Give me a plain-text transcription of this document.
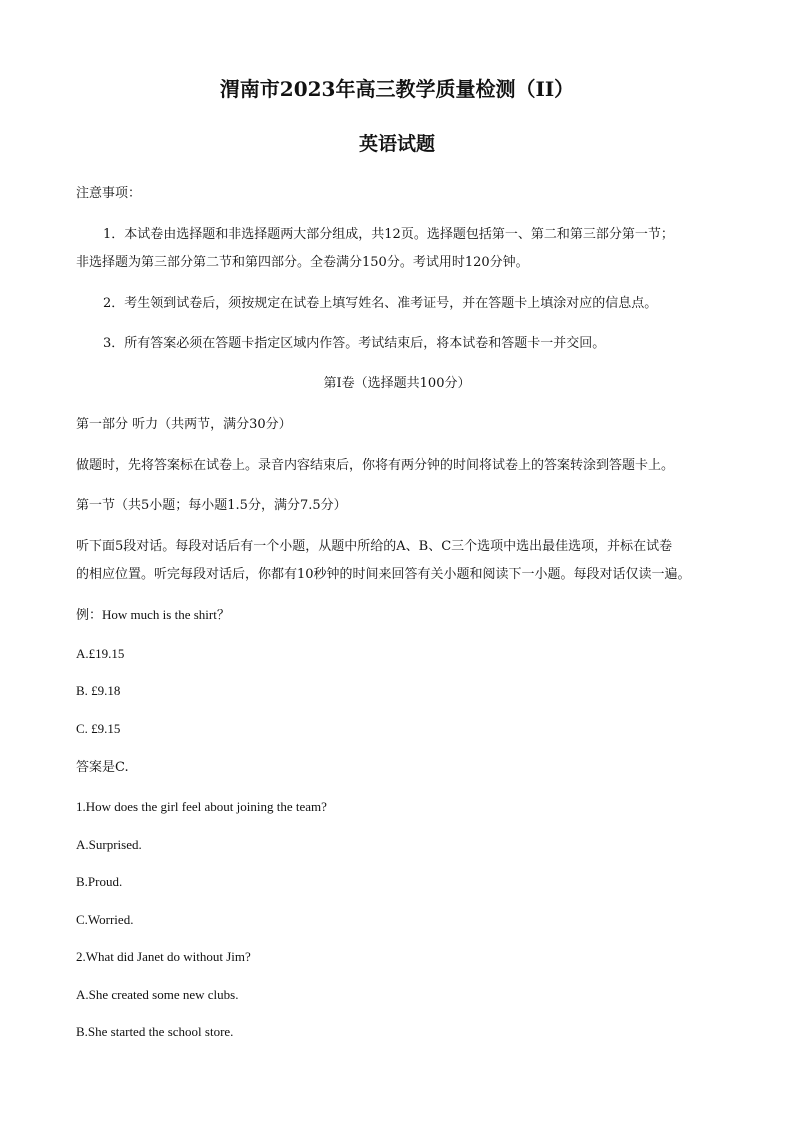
渭南市2023年高三教学质量检测（II）
英语试题
注意事项：
1．本试卷由选择题和非选择题两大部分组成，共12页。选择题包括第一、第二和第三部分第一节；
非选择题为第三部分第二节和第四部分。全卷满分150分。考试用时120分钟。
2．考生领到试卷后，须按规定在试卷上填写姓名、准考证号，并在答题卡上填涂对应的信息点。
3．所有答案必须在答题卡指定区域内作答。考试结束后，将本试卷和答题卡一并交回。
第Ⅰ卷（选择题共100分）
第一部分 听力（共两节，满分30分）
做题时，先将答案标在试卷上。录音内容结束后，你将有两分钟的时间将试卷上的答案转涂到答题卡上。
第一节（共5小题；每小题1.5分，满分7.5分）
听下面5段对话。每段对话后有一个小题，从题中所给的A、B、C三个选项中选出最佳选项，并标在试卷
的相应位置。听完每段对话后，你都有10秒钟的时间来回答有关小题和阅读下一小题。每段对话仅读一遍。
例：How much is the shirt？
A.£19.15
B. £9.18
C. £9.15
答案是C.
1.How does the girl feel about joining the team?
A.Surprised.
B.Proud.
C.Worried.
2.What did Janet do without Jim?
A.She created some new clubs.
B.She started the school store.
